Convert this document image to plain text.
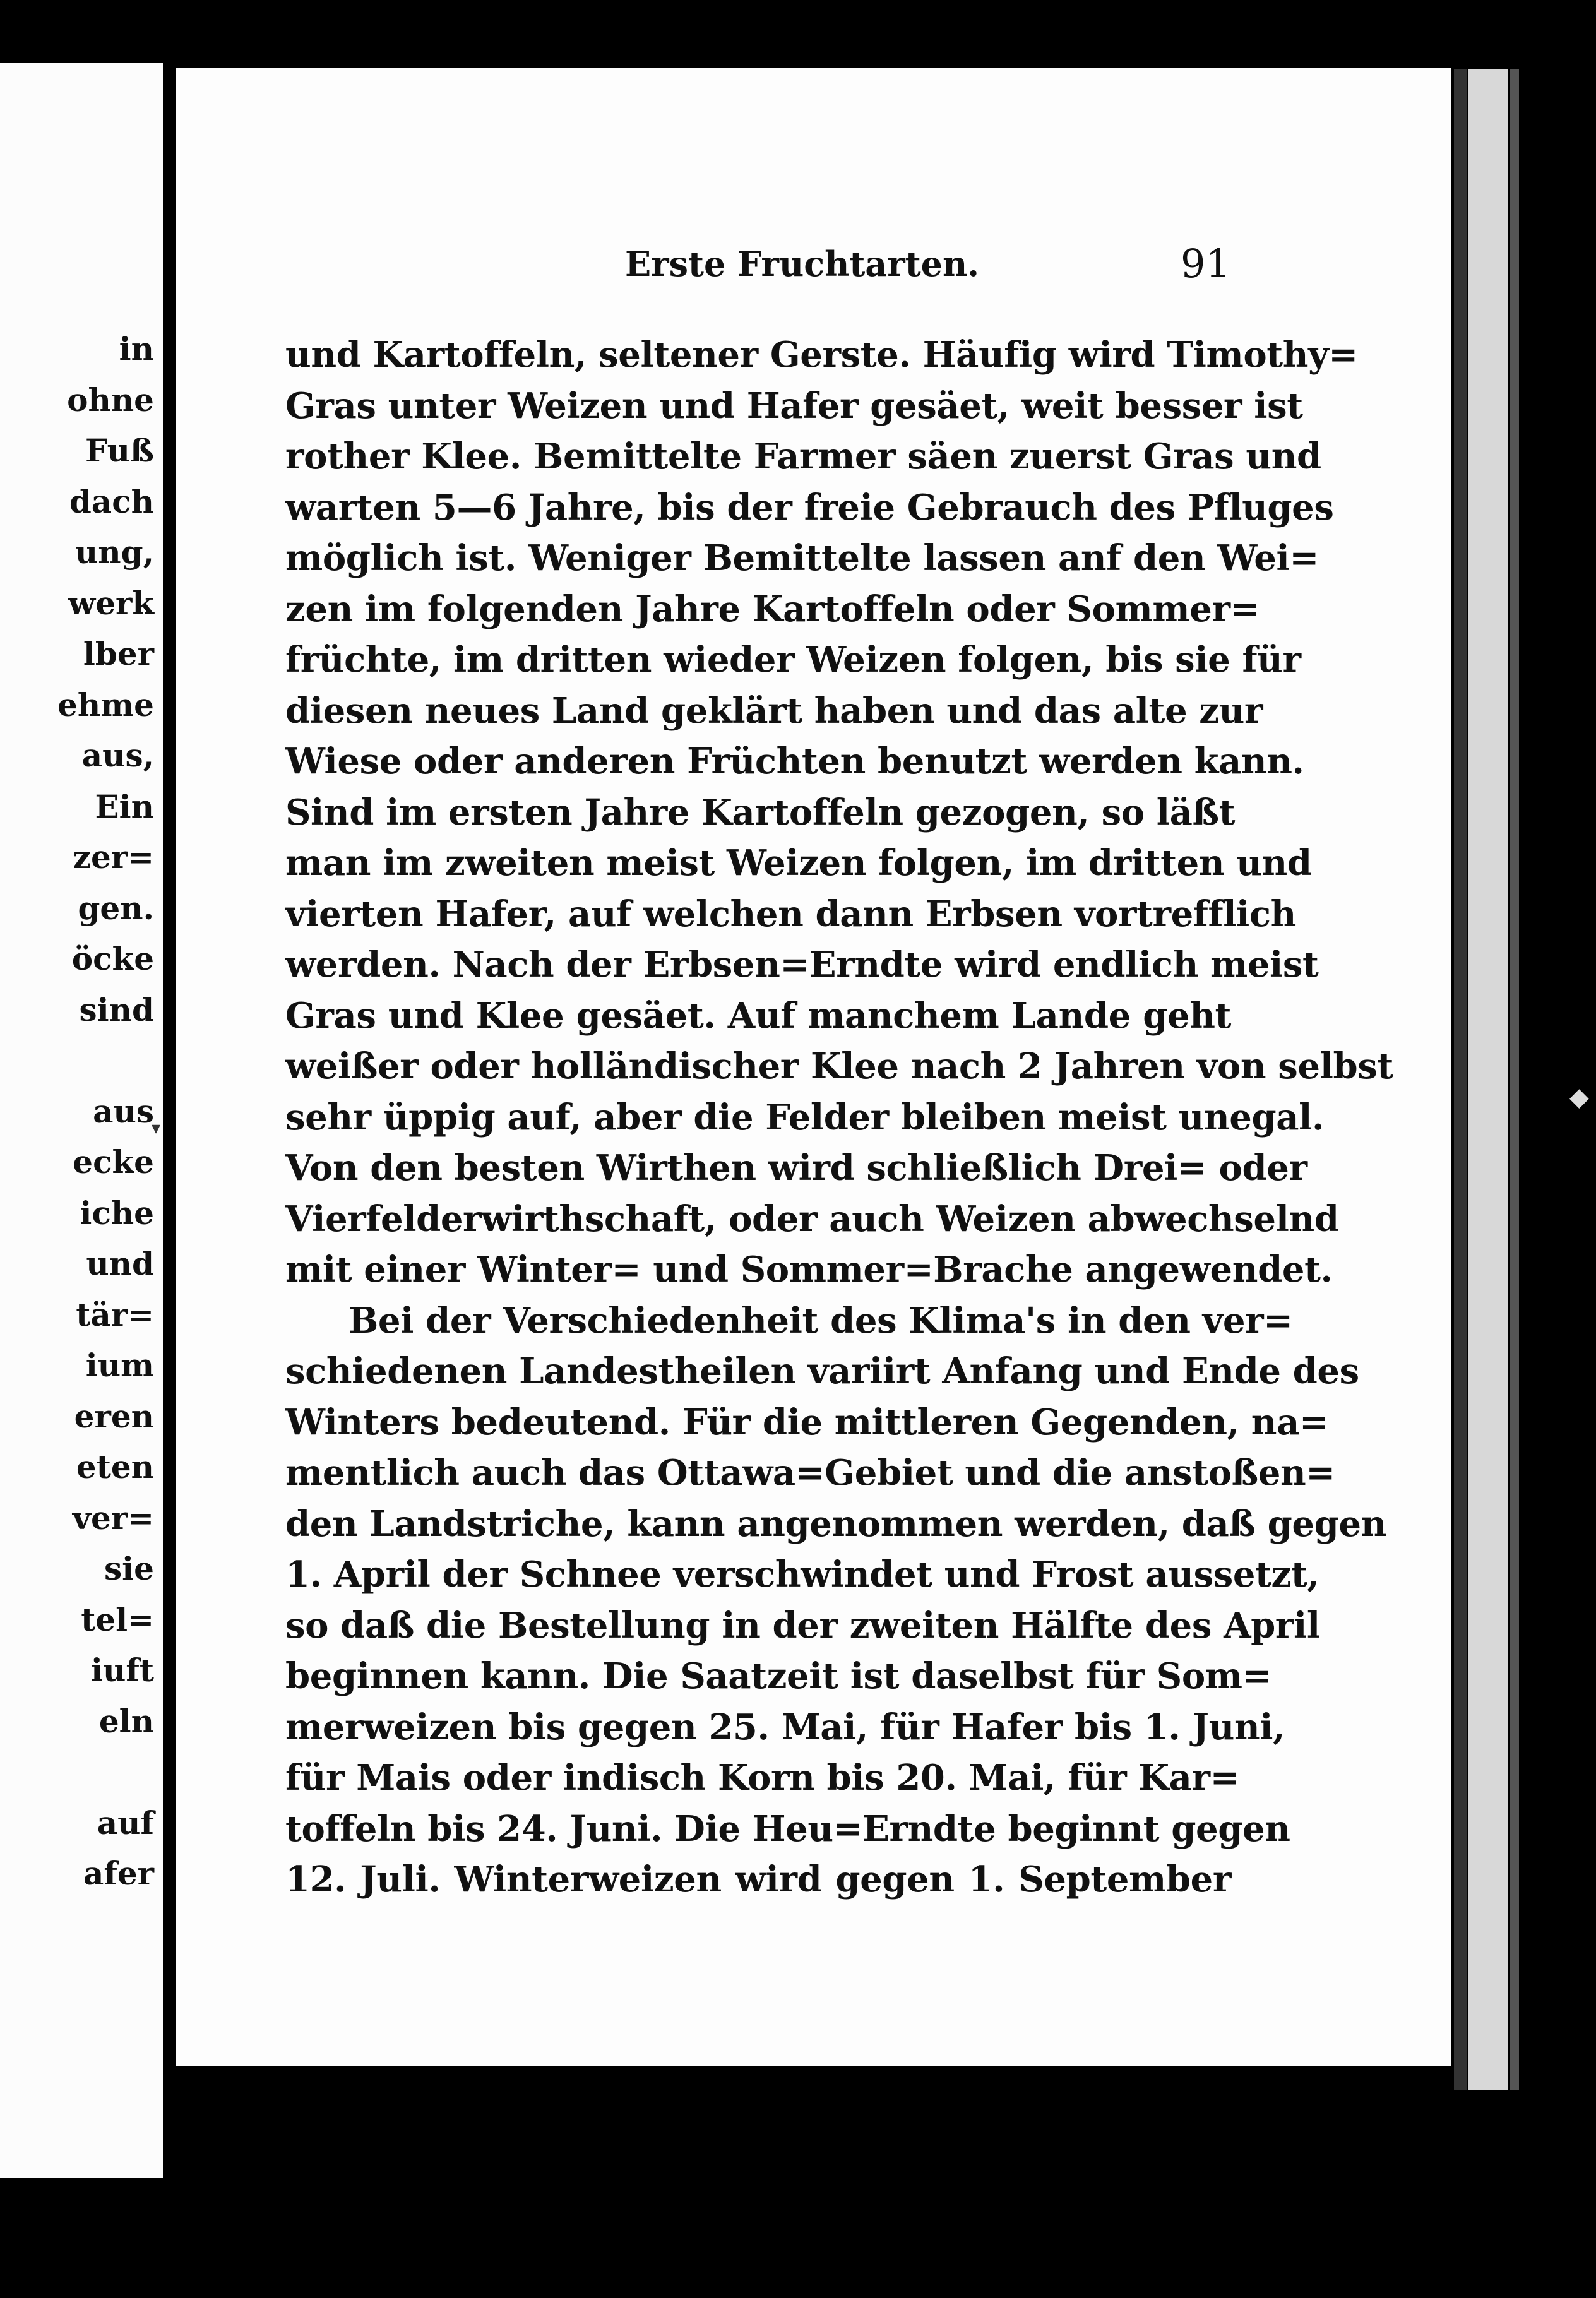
in
ohne
Fuß
dach
ung,
werk
lber
ehme
aus,
Ein
zer=
gen.
öcke
sind
aus
ecke
iche
und
tär=
ium
eren
eten
ver=
sie
tel=
iuft
eln
auf
afer
Erste Fruchtarten.	91
und Kartoffeln, seltener Gerste. Häufig wird Timothy=
Gras unter Weizen und Hafer gesäet, weit besser ist
rother Klee. Bemittelte Farmer säen zuerst Gras und
warten 5—6 Jahre, bis der freie Gebrauch des Pfluges
möglich ist. Weniger Bemittelte lassen anf den Wei=
zen im folgenden Jahre Kartoffeln oder Sommer=
früchte, im dritten wieder Weizen folgen, bis sie für
diesen neues Land geklärt haben und das alte zur
Wiese oder anderen Früchten benutzt werden kann.
Sind im ersten Jahre Kartoffeln gezogen, so läßt
man im zweiten meist Weizen folgen, im dritten und
vierten Hafer, auf welchen dann Erbsen vortrefflich
werden. Nach der Erbsen=Erndte wird endlich meist
Gras und Klee gesäet. Auf manchem Lande geht
weißer oder holländischer Klee nach 2 Jahren von selbst
sehr üppig auf, aber die Felder bleiben meist unegal.
Von den besten Wirthen wird schließlich Drei= oder
Vierfelderwirthschaft, oder auch Weizen abwechselnd
mit einer Winter= und Sommer=Brache angewendet.
Bei der Verschiedenheit des Klima's in den ver=
schiedenen Landestheilen variirt Anfang und Ende des
Winters bedeutend. Für die mittleren Gegenden, na=
mentlich auch das Ottawa=Gebiet und die anstoßen=
den Landstriche, kann angenommen werden, daß gegen
1. April der Schnee verschwindet und Frost aussetzt,
so daß die Bestellung in der zweiten Hälfte des April
beginnen kann. Die Saatzeit ist daselbst für Som=
merweizen bis gegen 25. Mai, für Hafer bis 1. Juni,
für Mais oder indisch Korn bis 20. Mai, für Kar=
toffeln bis 24. Juni. Die Heu=Erndte beginnt gegen
12. Juli. Winterweizen wird gegen 1. September
▾
◆
